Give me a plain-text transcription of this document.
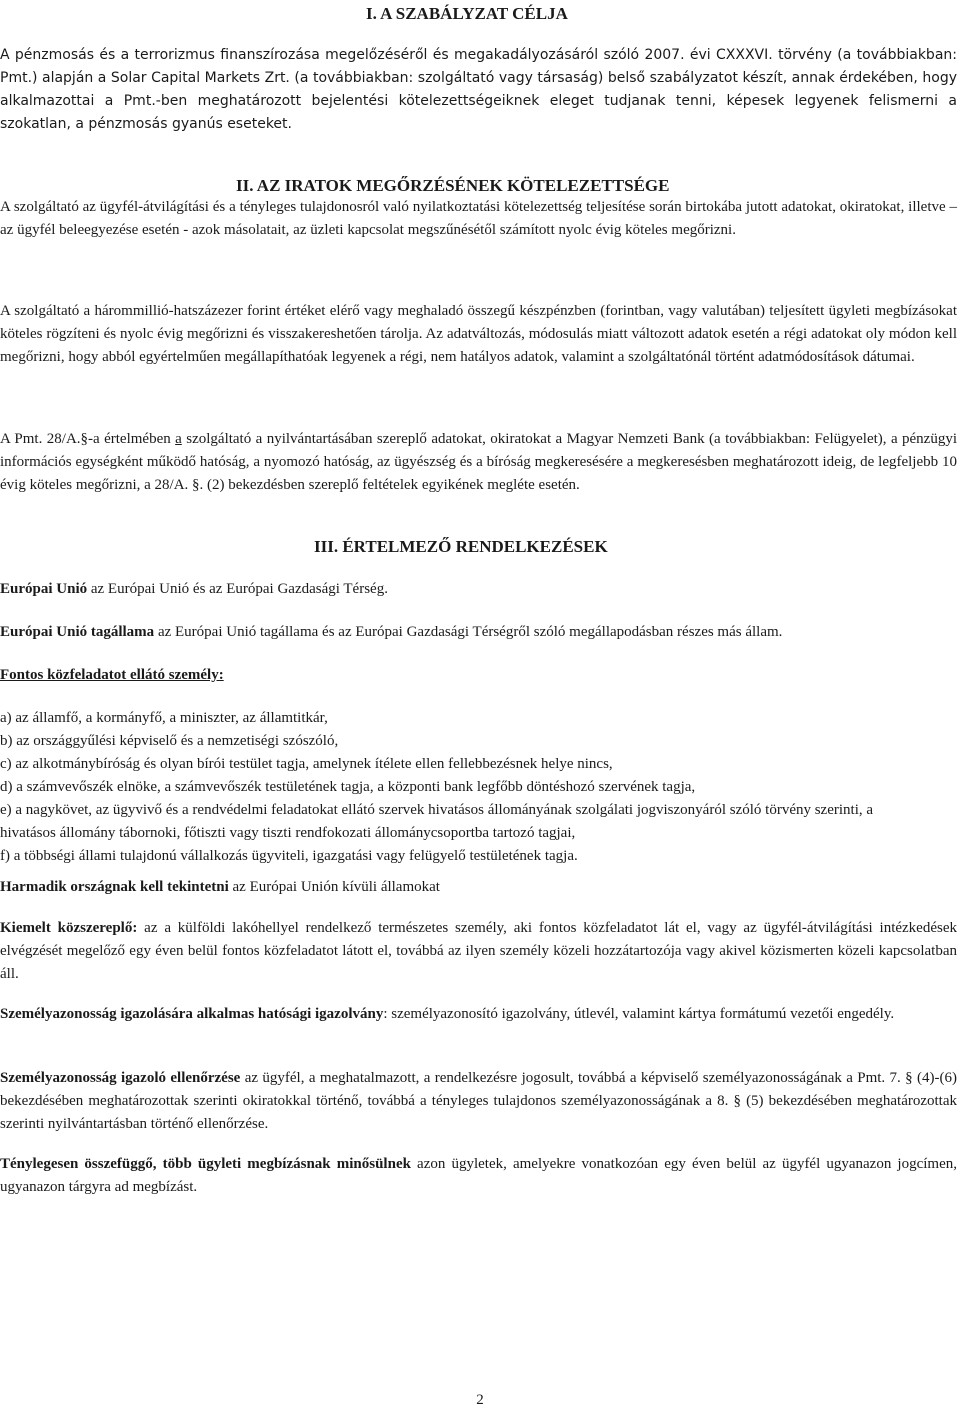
I. A SZABÁLYZAT CÉLJA

A pénzmosás és a terrorizmus finanszírozása megelőzéséről és megakadályozásáról szóló 2007. évi CXXXVI. törvény (a továbbiakban: Pmt.) alapján a Solar Capital Markets Zrt. (a továbbiakban: szolgáltató vagy társaság) belső szabályzatot készít, annak érdekében, hogy alkalmazottai a Pmt.-ben meghatározott bejelentési kötelezettségeiknek eleget tudjanak tenni, képesek legyenek felismerni a szokatlan, a pénzmosás gyanús eseteket.

II. AZ IRATOK MEGŐRZÉSÉNEK KÖTELEZETTSÉGE

A szolgáltató az ügyfél-átvilágítási és a tényleges tulajdonosról való nyilatkoztatási kötelezettség teljesítése során birtokába jutott adatokat, okiratokat, illetve – az ügyfél beleegyezése esetén - azok másolatait, az üzleti kapcsolat megszűnésétől számított nyolc évig köteles megőrizni.

A szolgáltató a hárommillió-hatszázezer forint értéket elérő vagy meghaladó összegű készpénzben (forintban, vagy valutában) teljesített ügyleti megbízásokat köteles rögzíteni és nyolc évig megőrizni és visszakereshetően tárolja. Az adatváltozás, módosulás miatt változott adatok esetén a régi adatokat oly módon kell megőrizni, hogy abból egyértelműen megállapíthatóak legyenek a régi, nem hatályos adatok, valamint a szolgáltatónál történt adatmódosítások dátumai.

A Pmt. 28/A.§-a értelmében a szolgáltató a nyilvántartásában szereplő adatokat, okiratokat a Magyar Nemzeti Bank (a továbbiakban: Felügyelet), a pénzügyi információs egységként működő hatóság, a nyomozó hatóság, az ügyészség és a bíróság megkeresésére a megkeresésben meghatározott ideig, de legfeljebb 10 évig köteles megőrizni, a 28/A. §. (2) bekezdésben szereplő feltételek egyikének megléte esetén.

III. ÉRTELMEZŐ RENDELKEZÉSEK

Európai Unió az Európai Unió és az Európai Gazdasági Térség.

Európai Unió tagállama az Európai Unió tagállama és az Európai Gazdasági Térségről szóló megállapodásban részes más állam.

Fontos közfeladatot ellátó személy:

a) az államfő, a kormányfő, a miniszter, az államtitkár,

b) az országgyűlési képviselő és a nemzetiségi szószóló,

c) az alkotmánybíróság és olyan bírói testület tagja, amelynek ítélete ellen fellebbezésnek helye nincs,

d) a számvevőszék elnöke, a számvevőszék testületének tagja, a központi bank legfőbb döntéshozó szervének tagja,

e) a nagykövet, az ügyvivő és a rendvédelmi feladatokat ellátó szervek hivatásos állományának szolgálati jogviszonyáról szóló törvény szerinti, a hivatásos állomány tábornoki, főtiszti vagy tiszti rendfokozati állománycsoportba tartozó tagjai,

f) a többségi állami tulajdonú vállalkozás ügyviteli, igazgatási vagy felügyelő testületének tagja.

Harmadik országnak kell tekintetni az Európai Unión kívüli államokat

Kiemelt közszereplő: az a külföldi lakóhellyel rendelkező természetes személy, aki fontos közfeladatot lát el, vagy az ügyfél-átvilágítási intézkedések elvégzését megelőző egy éven belül fontos közfeladatot látott el, továbbá az ilyen személy közeli hozzátartozója vagy akivel közismerten közeli kapcsolatban áll.

Személyazonosság igazolására alkalmas hatósági igazolvány: személyazonosító igazolvány, útlevél, valamint kártya formátumú vezetői engedély.

Személyazonosság igazoló ellenőrzése az ügyfél, a meghatalmazott, a rendelkezésre jogosult, továbbá a képviselő személyazonosságának a Pmt. 7. § (4)-(6) bekezdésében meghatározottak szerinti okiratokkal történő, továbbá a tényleges tulajdonos személyazonosságának a 8. § (5) bekezdésében meghatározottak szerinti nyilvántartásban történő ellenőrzése.

Ténylegesen összefüggő, több ügyleti megbízásnak minősülnek azon ügyletek, amelyekre vonatkozóan egy éven belül az ügyfél ugyanazon jogcímen, ugyanazon tárgyra ad megbízást.

2
